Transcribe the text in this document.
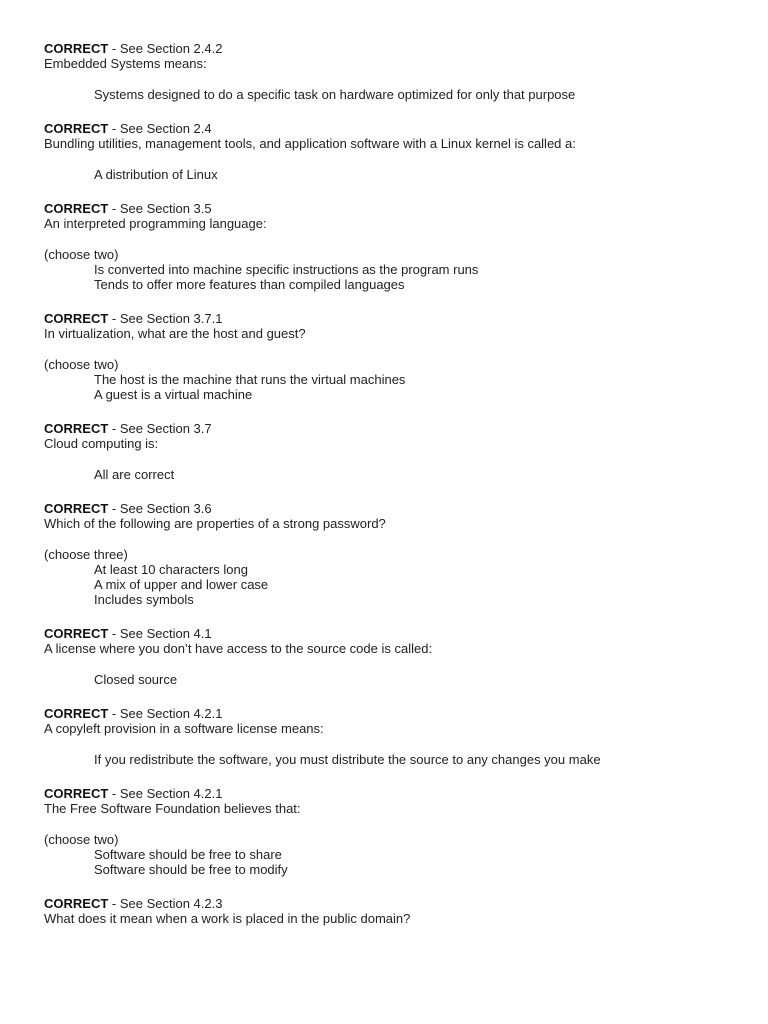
CORRECT - See Section 2.4.2
Embedded Systems means:
Systems designed to do a specific task on hardware optimized for only that purpose
CORRECT - See Section 2.4
Bundling utilities, management tools, and application software with a Linux kernel is called a:
A distribution of Linux
CORRECT - See Section 3.5
An interpreted programming language:
(choose two)
Is converted into machine specific instructions as the program runs
Tends to offer more features than compiled languages
CORRECT - See Section 3.7.1
In virtualization, what are the host and guest?
(choose two)
The host is the machine that runs the virtual machines
A guest is a virtual machine
CORRECT - See Section 3.7
Cloud computing is:
All are correct
CORRECT - See Section 3.6
Which of the following are properties of a strong password?
(choose three)
At least 10 characters long
A mix of upper and lower case
Includes symbols
CORRECT - See Section 4.1
A license where you don’t have access to the source code is called:
Closed source
CORRECT - See Section 4.2.1
A copyleft provision in a software license means:
If you redistribute the software, you must distribute the source to any changes you make
CORRECT - See Section 4.2.1
The Free Software Foundation believes that:
(choose two)
Software should be free to share
Software should be free to modify
CORRECT - See Section 4.2.3
What does it mean when a work is placed in the public domain?
